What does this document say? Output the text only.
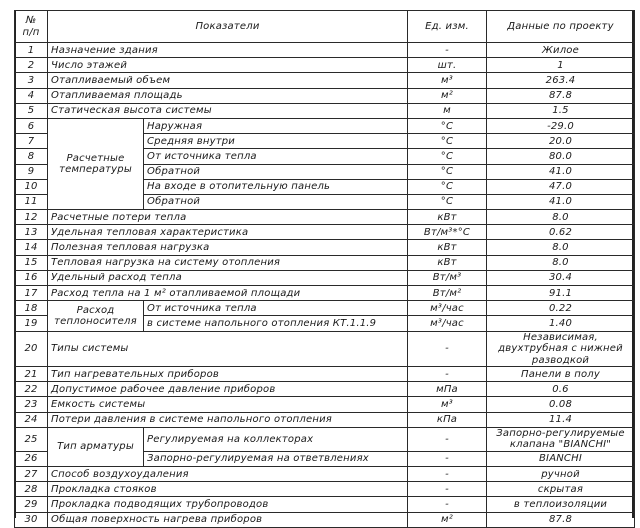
№
п/п	Показатели		Ед. изм.	Данные по проекту
1	Назначение здания		-	Жилое
2	Число этажей		шт.	1
3	Отапливаемый объем		м³	263.4
4	Отапливаемая площадь		м²	87.8
5	Статическая высота системы		м	1.5
6	Расчетные температуры	Наружная	°С	-29.0
7		Средняя внутри	°С	20.0
8		От источника тепла	°С	80.0
9		Обратной	°С	41.0
10		На входе в отопительную панель	°С	47.0
11		Обратной	°С	41.0
12	Расчетные потери тепла		кВт	8.0
13	Удельная тепловая характеристика		Вт/м³*°С	0.62
14	Полезная тепловая нагрузка		кВт	8.0
15	Тепловая нагрузка на систему отопления		кВт	8.0
16	Удельный расход тепла		Вт/м³	30.4
17	Расход тепла на 1 м² отапливаемой площади		Вт/м²	91.1
18	Расход теплоносителя	От источника тепла	м³/час	0.22
19		в системе напольного отопления КТ.1.1.9	м³/час	1.40
20	Типы системы		-	Независимая, двухтрубная с нижней разводкой
21	Тип нагревательных приборов		-	Панели в полу
22	Допустимое рабочее давление приборов		мПа	0.6
23	Емкость системы		м³	0.08
24	Потери давления в системе напольного отопления		кПа	11.4
25	Тип арматуры	Регулируемая на коллекторах	-	Запорно-регулируемые клапана "BIANCHI"
26		Запорно-регулируемая на ответвлениях	-	BIANCHI
27	Способ воздухоудаления		-	ручной
28	Прокладка стояков		-	скрытая
29	Прокладка подводящих трубопроводов		-	в теплоизоляции
30	Общая поверхность нагрева приборов		м²	87.8
